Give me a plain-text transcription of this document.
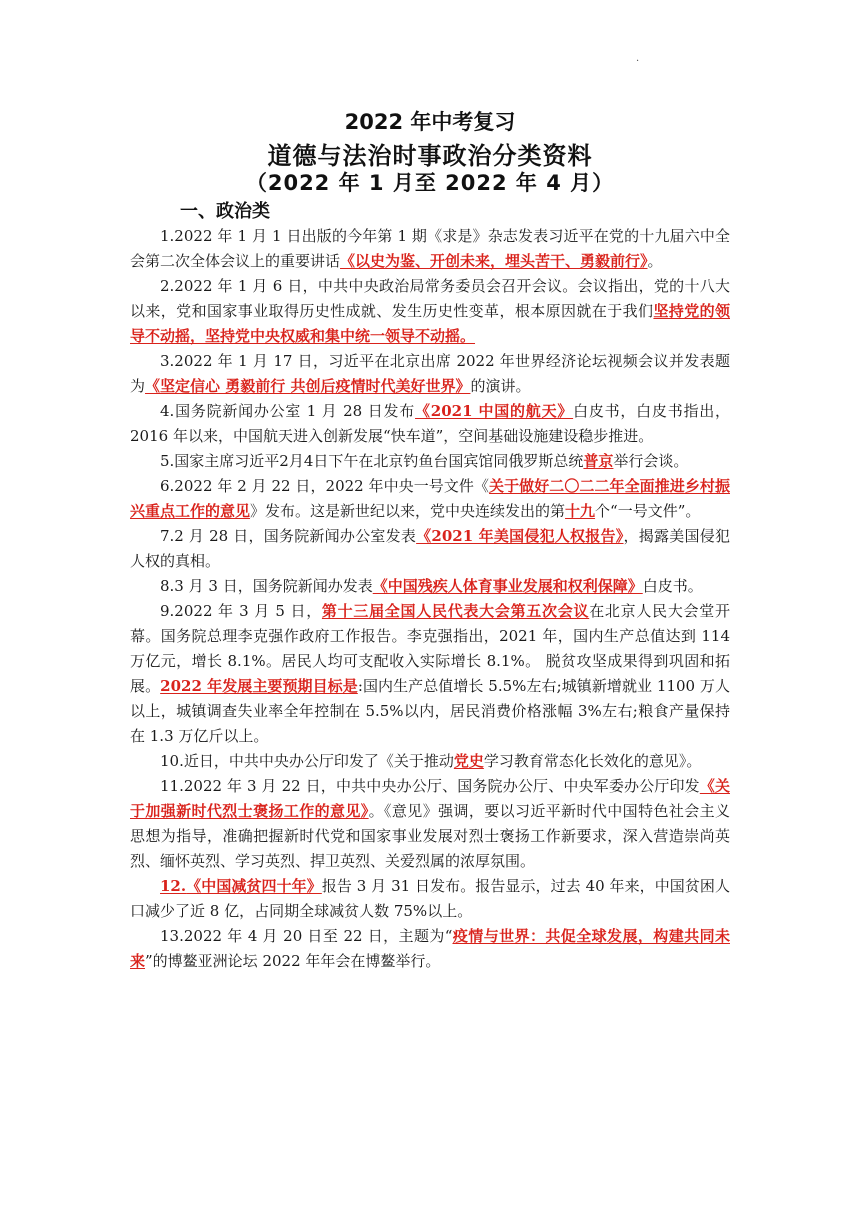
·
2022 年中考复习
道德与法治时事政治分类资料
（2022 年 1 月至 2022 年 4 月）
一、政治类

1.2022 年 1 月 1 日出版的今年第 1 期《求是》杂志发表习近平在党的十九届六中全会第二次全体会议上的重要讲话《以史为鉴、开创未来，埋头苦干、勇毅前行》。

2.2022 年 1 月 6 日，中共中央政治局常务委员会召开会议。会议指出，党的十八大以来，党和国家事业取得历史性成就、发生历史性变革，根本原因就在于我们坚持党的领导不动摇，坚持党中央权威和集中统一领导不动摇。

3.2022 年 1 月 17 日，习近平在北京出席 2022 年世界经济论坛视频会议并发表题为《坚定信心 勇毅前行 共创后疫情时代美好世界》的演讲。

4.国务院新闻办公室 1 月 28 日发布《2021 中国的航天》白皮书，白皮书指出，2016 年以来，中国航天进入创新发展“快车道”，空间基础设施建设稳步推进。

5.国家主席习近平2月4日下午在北京钓鱼台国宾馆同俄罗斯总统普京举行会谈。

6.2022 年 2 月 22 日，2022 年中央一号文件《关于做好二〇二二年全面推进乡村振兴重点工作的意见》发布。这是新世纪以来，党中央连续发出的第十九个“一号文件”。

7.2 月 28 日，国务院新闻办公室发表《2021 年美国侵犯人权报告》，揭露美国侵犯人权的真相。

8.3 月 3 日，国务院新闻办发表《中国残疾人体育事业发展和权利保障》白皮书。

9.2022 年 3 月 5 日，第十三届全国人民代表大会第五次会议在北京人民大会堂开幕。国务院总理李克强作政府工作报告。李克强指出，2021 年，国内生产总值达到 114 万亿元，增长 8.1%。居民人均可支配收入实际增长 8.1%。 脱贫攻坚成果得到巩固和拓展。2022 年发展主要预期目标是:国内生产总值增长 5.5%左右;城镇新增就业 1100 万人以上，城镇调查失业率全年控制在 5.5%以内，居民消费价格涨幅 3%左右;粮食产量保持在 1.3 万亿斤以上。

10.近日，中共中央办公厅印发了《关于推动党史学习教育常态化长效化的意见》。

11.2022 年 3 月 22 日，中共中央办公厅、国务院办公厅、中央军委办公厅印发《关于加强新时代烈士褒扬工作的意见》。《意见》强调，要以习近平新时代中国特色社会主义思想为指导，准确把握新时代党和国家事业发展对烈士褒扬工作新要求，深入营造崇尚英烈、缅怀英烈、学习英烈、捍卫英烈、关爱烈属的浓厚氛围。

12.《中国减贫四十年》报告 3 月 31 日发布。报告显示，过去 40 年来，中国贫困人口减少了近 8 亿，占同期全球减贫人数 75%以上。

13.2022 年 4 月 20 日至 22 日，主题为“疫情与世界：共促全球发展，构建共同未来”的博鳌亚洲论坛 2022 年年会在博鳌举行。
